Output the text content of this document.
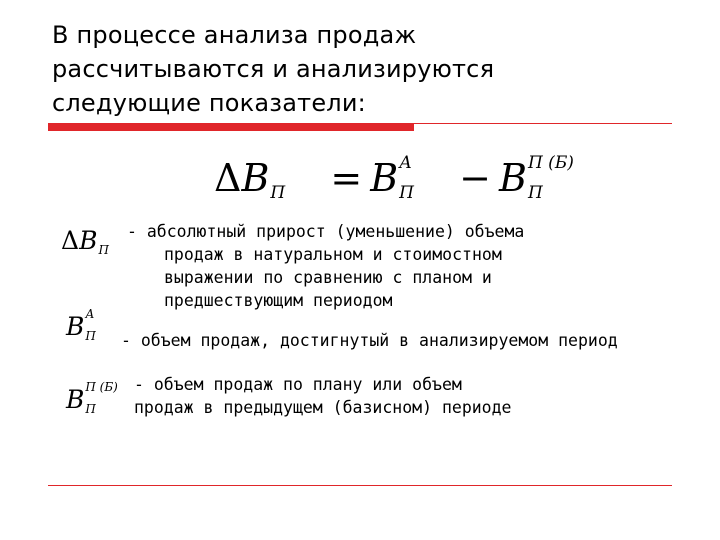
В процессе анализа продаж
рассчитываются и анализируются
следующие показатели:
ΔB П = B А
П − B П (Б)
П
ΔB П
- абсолютный прирост (уменьшение) объема
продаж в натуральном и стоимостном
выражении по сравнению с планом и
предшествующим периодом
B А
П - объем продаж, достигнутый в анализируемом период
B П (Б)
П
- объем продаж по плану или объем
продаж в предыдущем (базисном) периоде
